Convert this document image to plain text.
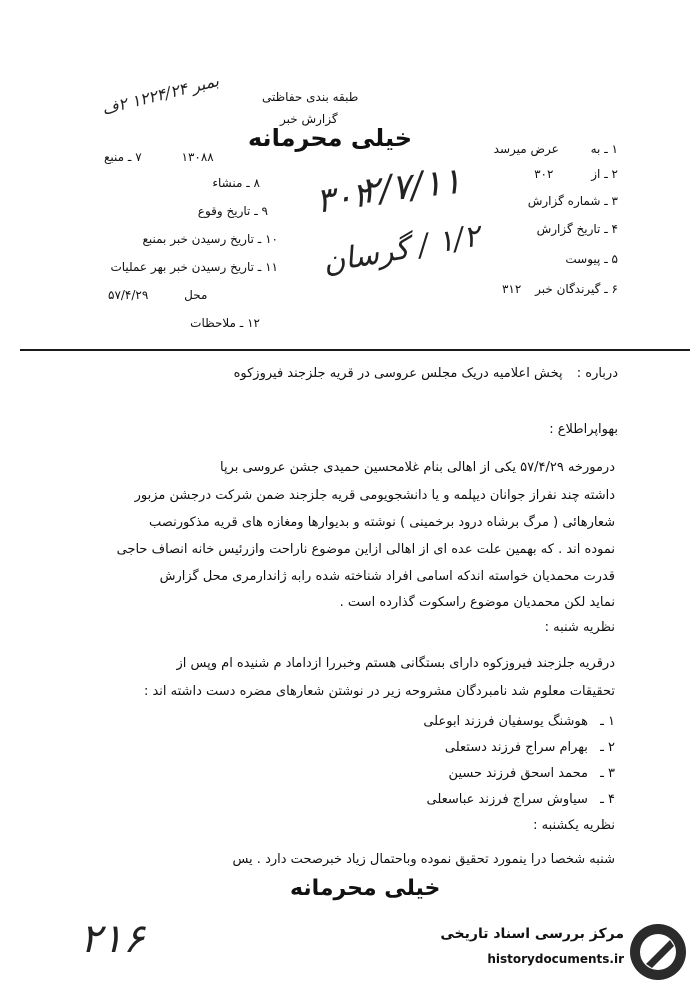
طبقه بندی حفاظتی
گزارش خبر
خیلی محرمانه
بمبر ۱۲۲۴/۲۴ ۲ف
۱ ـ به عرض میرسد
۲ ـ از ۳۰۲
۳ ـ شماره گزارش
۴ ـ تاریخ گزارش
۵ ـ پیوست
۶ ـ گیرندگان خبر ۳۱۲
۱۳۰۸۸ ۷ ـ منبع
۸ ـ منشاء
۹ ـ تاریخ وقوع
۱۰ ـ تاریخ رسیدن خبر بمنبع
۱۱ ـ تاریخ رسیدن خبر بهر عملیات
محل ۵۷/۴/۲۹
۱۲ ـ ملاحظات
۳۰۲
۲/۷/۱۱
۱/۲ / گرسان
درباره : پخش اعلامیه دریک مجلس عروسی در قریه جلزجند فیروزکوه
بهواپراطلاع :
درمورخه ۵۷/۴/۲۹ یکی از اهالی بنام غلامحسین حمیدی جشن عروسی برپا
داشته چند نفراز جوانان دیپلمه و یا دانشجویومی قریه جلزجند ضمن شرکت درجشن مزبور
شعارهائی ( مرگ برشاه درود برخمینی ) نوشته و بدیوارها ومغازه های قریه مذکورنصب
نموده اند . که بهمین علت عده ای از اهالی ازاین موضوع ناراحت وازرئیس خانه انصاف حاجی
قدرت محمدیان خواسته اندکه اسامی افراد شناخته شده رابه ژاندارمری محل گزارش
نماید لکن محمدیان موضوع راسکوت گذارده است .
نظریه شنبه :
درقریه جلزجند فیروزکوه دارای بستگانی هستم وخبررا ازداماد م شنیده ام وپس از
تحقیقات معلوم شد نامبردگان مشروحه زیر در نوشتن شعارهای مضره دست داشته اند :
۱ ـ هوشنگ یوسفیان فرزند ابوعلی
۲ ـ بهرام سراج فرزند دستعلی
۳ ـ محمد اسحق فرزند حسین
۴ ـ سیاوش سراج فرزند عباسعلی
نظریه یکشنبه :
شنبه شخصا درا ینمورد تحقیق نموده وباحتمال زیاد خبرصحت دارد . یس
خیلی محرمانه
۲۱۶	مرکز بررسی اسناد تاریخی
historydocuments.ir
